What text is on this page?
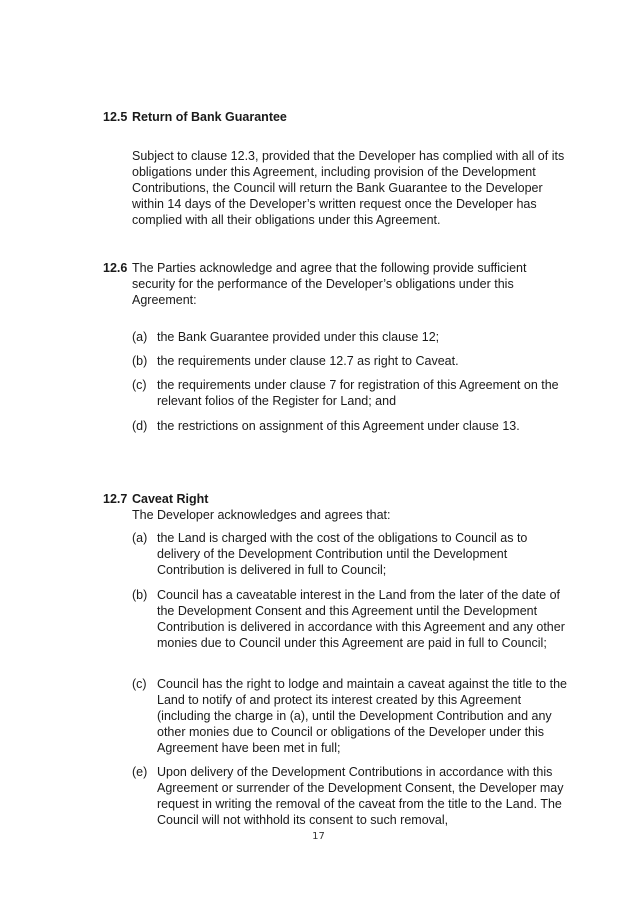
12.5 Return of Bank Guarantee

Subject to clause 12.3, provided that the Developer has complied with all of its obligations under this Agreement, including provision of the Development Contributions, the Council will return the Bank Guarantee to the Developer within 14 days of the Developer’s written request once the Developer has complied with all their obligations under this Agreement.

12.6 The Parties acknowledge and agree that the following provide sufficient security for the performance of the Developer’s obligations under this Agreement:

(a) the Bank Guarantee provided under this clause 12;
(b) the requirements under clause 12.7 as right to Caveat.
(c) the requirements under clause 7 for registration of this Agreement on the relevant folios of the Register for Land; and
(d) the restrictions on assignment of this Agreement under clause 13.
12.7 Caveat Right

The Developer acknowledges and agrees that:

(a) the Land is charged with the cost of the obligations to Council as to delivery of the Development Contribution until the Development Contribution is delivered in full to Council;
(b) Council has a caveatable interest in the Land from the later of the date of the Development Consent and this Agreement until the Development Contribution is delivered in accordance with this Agreement and any other monies due to Council under this Agreement are paid in full to Council;
(c) Council has the right to lodge and maintain a caveat against the title to the Land to notify of and protect its interest created by this Agreement (including the charge in (a), until the Development Contribution and any other monies due to Council or obligations of the Developer under this Agreement have been met in full;
(e) Upon delivery of the Development Contributions in accordance with this Agreement or surrender of the Development Consent, the Developer may request in writing the removal of the caveat from the title to the Land. The Council will not withhold its consent to such removal,
17
